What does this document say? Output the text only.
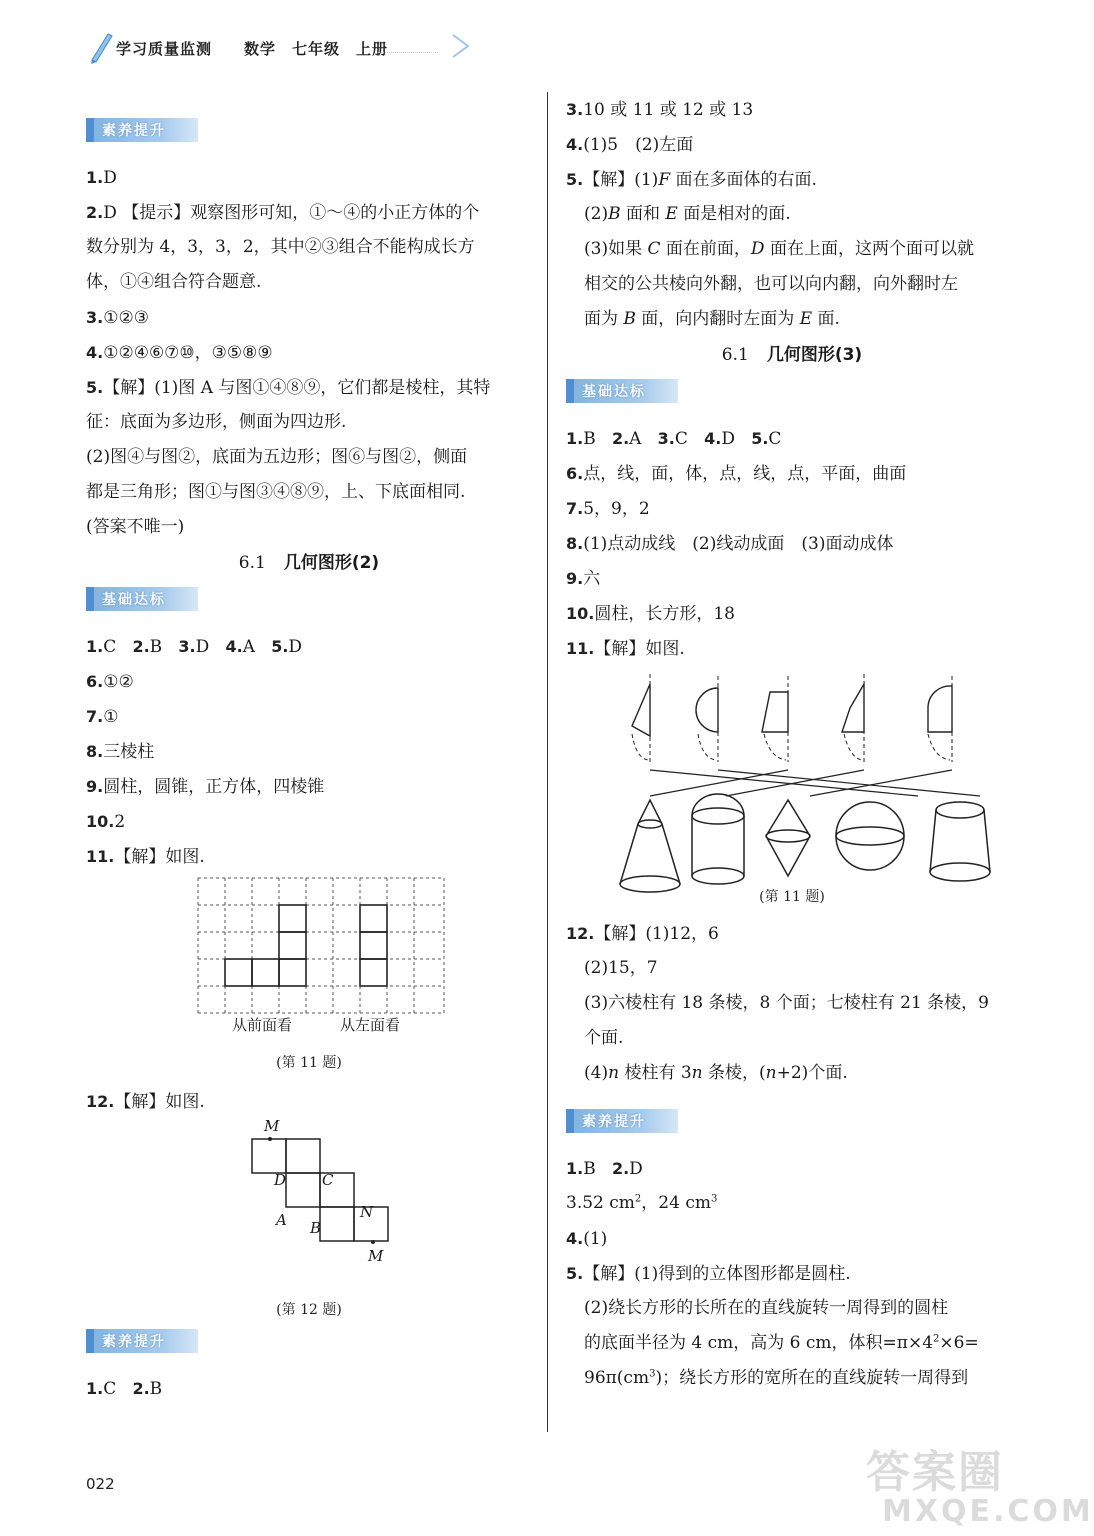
学习质量监测　　数学　七年级　上册
素养提升
1.D
2.D 【提示】观察图形可知，①～④的小正方体的个
数分别为 4，3，3，2，其中②③组合不能构成长方
体，①④组合符合题意.
3.①②③
4.①②④⑥⑦⑩，③⑤⑧⑨
5.【解】(1)图 A 与图①④⑧⑨，它们都是棱柱，其特
征：底面为多边形，侧面为四边形.
(2)图④与图②，底面为五边形；图⑥与图②，侧面
都是三角形；图①与图③④⑧⑨，上、下底面相同.
(答案不唯一)
6.1 几何图形(2)
基础达标
1.C 2.B 3.D 4.A 5.D
6.①②
7.①
8.三棱柱
9.圆柱，圆锥，正方体，四棱锥
10.2
11.【解】如图.
从前面看	从左面看
(第 11 题)
12.【解】如图.
M
D C
N
A B
M
(第 12 题)
素养提升
1.C 2.B
3.10 或 11 或 12 或 13
4.(1)5　(2)左面
5.【解】(1)F 面在多面体的右面.
(2)B 面和 E 面是相对的面.
(3)如果 C 面在前面，D 面在上面，这两个面可以就
相交的公共棱向外翻，也可以向内翻，向外翻时左
面为 B 面，向内翻时左面为 E 面.
6.1 几何图形(3)
基础达标
1.B 2.A 3.C 4.D 5.C
6.点，线，面，体，点，线，点，平面，曲面
7.5，9，2
8.(1)点动成线　(2)线动成面　(3)面动成体
9.六
10.圆柱，长方形，18
11.【解】如图.
(第 11 题)
12.【解】(1)12，6
(2)15，7
(3)六棱柱有 18 条棱，8 个面；七棱柱有 21 条棱，9
个面.
(4)n 棱柱有 3n 条棱，(n+2)个面.
素养提升
1.B 2.D
3.52 $cm^2$，24 $cm^3$
4.(1)
5.【解】(1)得到的立体图形都是圆柱.
(2)绕长方形的长所在的直线旋转一周得到的圆柱
的底面半径为 4 cm，高为 6 cm，体积$=\pi\times 4^2\times 6=$
$96\pi(cm^3)$；绕长方形的宽所在的直线旋转一周得到
022	答案圈
MXQE.COM
